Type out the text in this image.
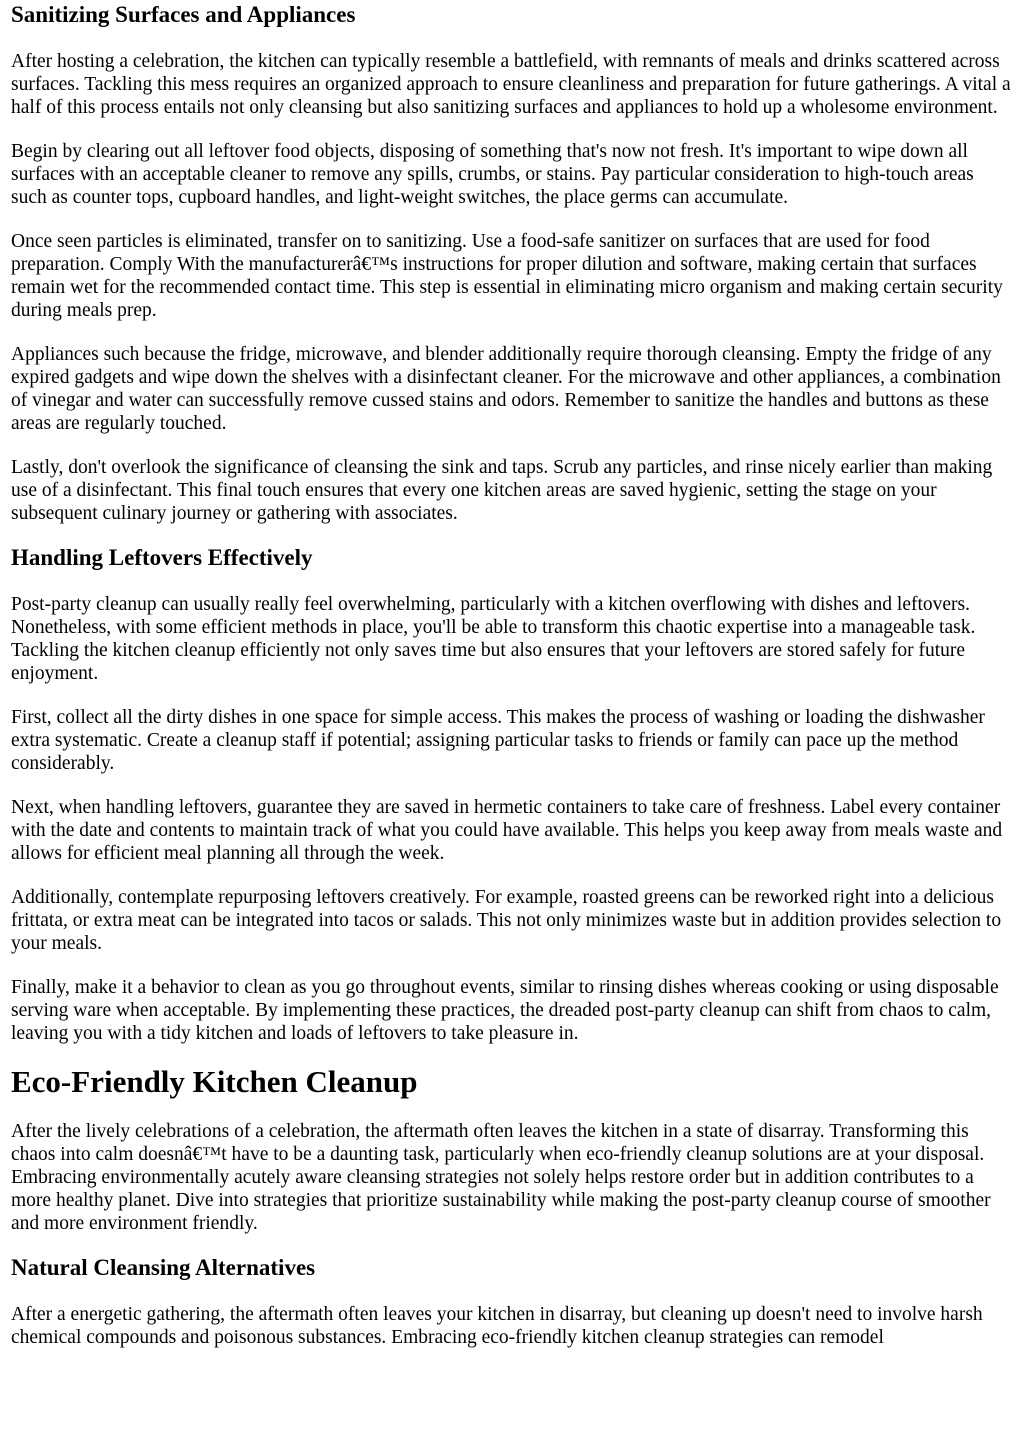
Sanitizing Surfaces and Appliances

After hosting a celebration, the kitchen can typically resemble a battlefield, with remnants of meals and drinks scattered across surfaces. Tackling this mess requires an organized approach to ensure cleanliness and preparation for future gatherings. A vital a half of this process entails not only cleansing but also sanitizing surfaces and appliances to hold up a wholesome environment.

Begin by clearing out all leftover food objects, disposing of something that's now not fresh. It's important to wipe down all surfaces with an acceptable cleaner to remove any spills, crumbs, or stains. Pay particular consideration to high-touch areas such as counter tops, cupboard handles, and light-weight switches, the place germs can accumulate.

Once seen particles is eliminated, transfer on to sanitizing. Use a food-safe sanitizer on surfaces that are used for food preparation. Comply With the manufacturerâ€™s instructions for proper dilution and software, making certain that surfaces remain wet for the recommended contact time. This step is essential in eliminating micro organism and making certain security during meals prep.

Appliances such because the fridge, microwave, and blender additionally require thorough cleansing. Empty the fridge of any expired gadgets and wipe down the shelves with a disinfectant cleaner. For the microwave and other appliances, a combination of vinegar and water can successfully remove cussed stains and odors. Remember to sanitize the handles and buttons as these areas are regularly touched.

Lastly, don't overlook the significance of cleansing the sink and taps. Scrub any particles, and rinse nicely earlier than making use of a disinfectant. This final touch ensures that every one kitchen areas are saved hygienic, setting the stage on your subsequent culinary journey or gathering with associates.

Handling Leftovers Effectively

Post-party cleanup can usually really feel overwhelming, particularly with a kitchen overflowing with dishes and leftovers. Nonetheless, with some efficient methods in place, you'll be able to transform this chaotic expertise into a manageable task. Tackling the kitchen cleanup efficiently not only saves time but also ensures that your leftovers are stored safely for future enjoyment.

First, collect all the dirty dishes in one space for simple access. This makes the process of washing or loading the dishwasher extra systematic. Create a cleanup staff if potential; assigning particular tasks to friends or family can pace up the method considerably.

Next, when handling leftovers, guarantee they are saved in hermetic containers to take care of freshness. Label every container with the date and contents to maintain track of what you could have available. This helps you keep away from meals waste and allows for efficient meal planning all through the week.

Additionally, contemplate repurposing leftovers creatively. For example, roasted greens can be reworked right into a delicious frittata, or extra meat can be integrated into tacos or salads. This not only minimizes waste but in addition provides selection to your meals.

Finally, make it a behavior to clean as you go throughout events, similar to rinsing dishes whereas cooking or using disposable serving ware when acceptable. By implementing these practices, the dreaded post-party cleanup can shift from chaos to calm, leaving you with a tidy kitchen and loads of leftovers to take pleasure in.

Eco-Friendly Kitchen Cleanup

After the lively celebrations of a celebration, the aftermath often leaves the kitchen in a state of disarray. Transforming this chaos into calm doesnâ€™t have to be a daunting task, particularly when eco-friendly cleanup solutions are at your disposal. Embracing environmentally acutely aware cleansing strategies not solely helps restore order but in addition contributes to a more healthy planet. Dive into strategies that prioritize sustainability while making the post-party cleanup course of smoother and more environment friendly.

Natural Cleansing Alternatives

After a energetic gathering, the aftermath often leaves your kitchen in disarray, but cleaning up doesn't need to involve harsh chemical compounds and poisonous substances. Embracing eco-friendly kitchen cleanup strategies can remodel
